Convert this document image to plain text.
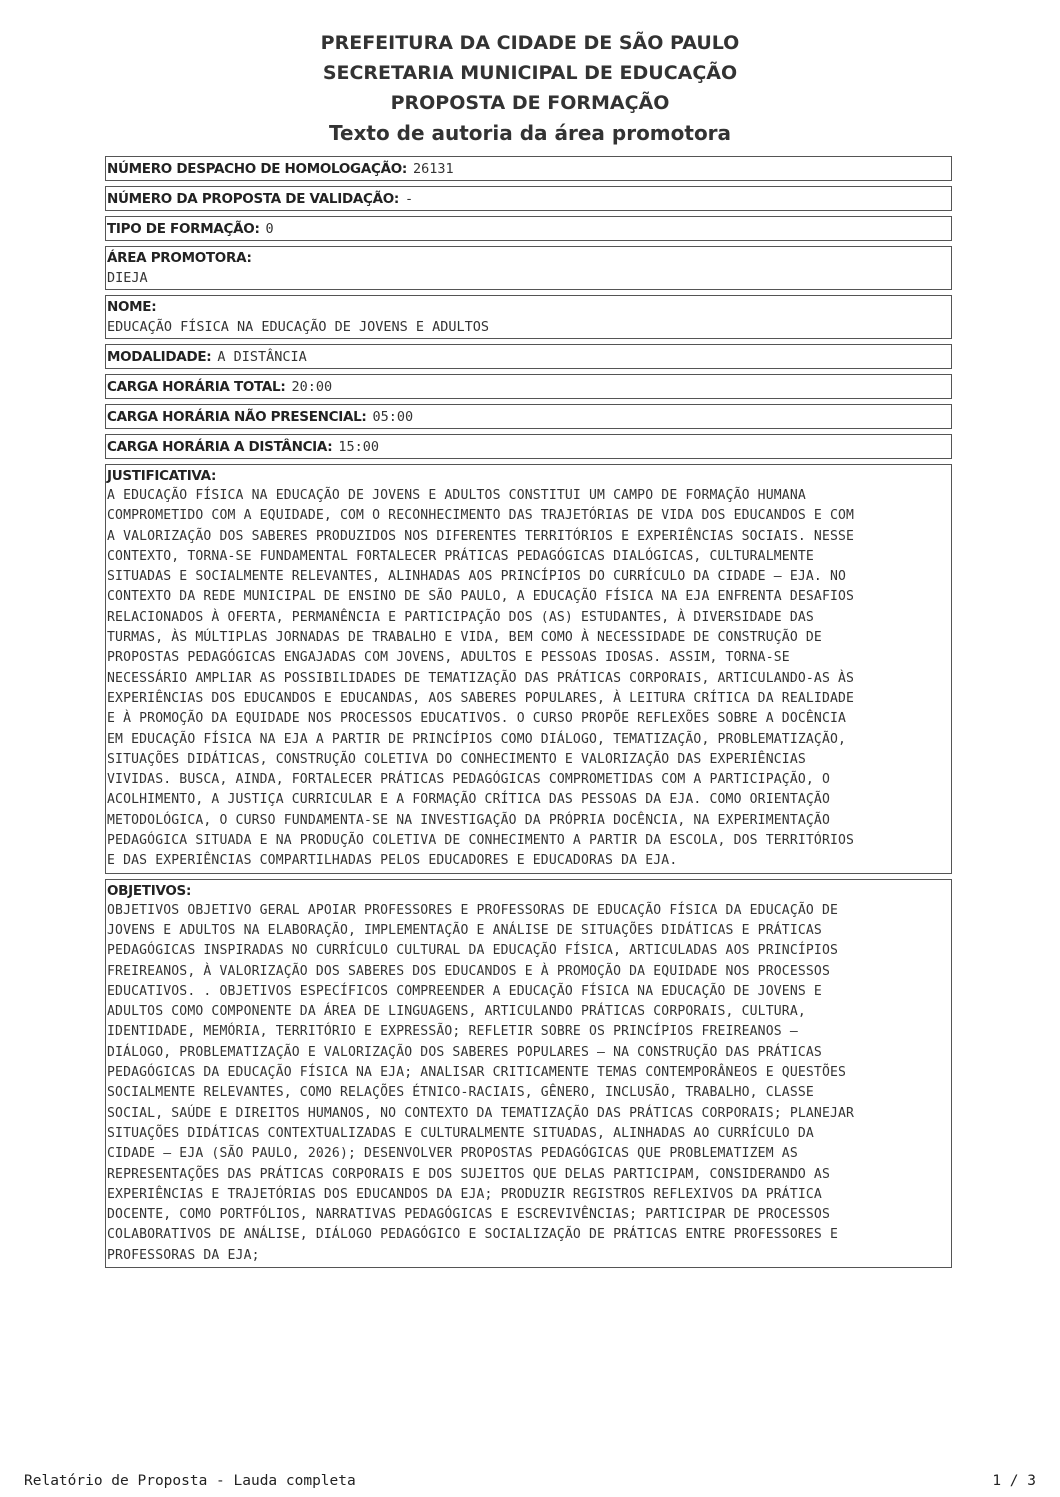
PREFEITURA DA CIDADE DE SÃO PAULO
SECRETARIA MUNICIPAL DE EDUCAÇÃO
PROPOSTA DE FORMAÇÃO
Texto de autoria da área promotora
NÚMERO DESPACHO DE HOMOLOGAÇÃO: 26131
NÚMERO DA PROPOSTA DE VALIDAÇÃO: -
TIPO DE FORMAÇÃO: 0
ÁREA PROMOTORA:
DIEJA
NOME:
EDUCAÇÃO FÍSICA NA EDUCAÇÃO DE JOVENS E ADULTOS
MODALIDADE: A DISTÂNCIA
CARGA HORÁRIA TOTAL: 20:00
CARGA HORÁRIA NÃO PRESENCIAL: 05:00
CARGA HORÁRIA A DISTÂNCIA: 15:00
JUSTIFICATIVA:
A EDUCAÇÃO FÍSICA NA EDUCAÇÃO DE JOVENS E ADULTOS CONSTITUI UM CAMPO DE FORMAÇÃO HUMANA
COMPROMETIDO COM A EQUIDADE, COM O RECONHECIMENTO DAS TRAJETÓRIAS DE VIDA DOS EDUCANDOS E COM
A VALORIZAÇÃO DOS SABERES PRODUZIDOS NOS DIFERENTES TERRITÓRIOS E EXPERIÊNCIAS SOCIAIS. NESSE
CONTEXTO, TORNA-SE FUNDAMENTAL FORTALECER PRÁTICAS PEDAGÓGICAS DIALÓGICAS, CULTURALMENTE
SITUADAS E SOCIALMENTE RELEVANTES, ALINHADAS AOS PRINCÍPIOS DO CURRÍCULO DA CIDADE — EJA. NO
CONTEXTO DA REDE MUNICIPAL DE ENSINO DE SÃO PAULO, A EDUCAÇÃO FÍSICA NA EJA ENFRENTA DESAFIOS
RELACIONADOS À OFERTA, PERMANÊNCIA E PARTICIPAÇÃO DOS (AS) ESTUDANTES, À DIVERSIDADE DAS
TURMAS, ÀS MÚLTIPLAS JORNADAS DE TRABALHO E VIDA, BEM COMO À NECESSIDADE DE CONSTRUÇÃO DE
PROPOSTAS PEDAGÓGICAS ENGAJADAS COM JOVENS, ADULTOS E PESSOAS IDOSAS. ASSIM, TORNA-SE
NECESSÁRIO AMPLIAR AS POSSIBILIDADES DE TEMATIZAÇÃO DAS PRÁTICAS CORPORAIS, ARTICULANDO-AS ÀS
EXPERIÊNCIAS DOS EDUCANDOS E EDUCANDAS, AOS SABERES POPULARES, À LEITURA CRÍTICA DA REALIDADE
E À PROMOÇÃO DA EQUIDADE NOS PROCESSOS EDUCATIVOS. O CURSO PROPÕE REFLEXÕES SOBRE A DOCÊNCIA
EM EDUCAÇÃO FÍSICA NA EJA A PARTIR DE PRINCÍPIOS COMO DIÁLOGO, TEMATIZAÇÃO, PROBLEMATIZAÇÃO,
SITUAÇÕES DIDÁTICAS, CONSTRUÇÃO COLETIVA DO CONHECIMENTO E VALORIZAÇÃO DAS EXPERIÊNCIAS
VIVIDAS. BUSCA, AINDA, FORTALECER PRÁTICAS PEDAGÓGICAS COMPROMETIDAS COM A PARTICIPAÇÃO, O
ACOLHIMENTO, A JUSTIÇA CURRICULAR E A FORMAÇÃO CRÍTICA DAS PESSOAS DA EJA. COMO ORIENTAÇÃO
METODOLÓGICA, O CURSO FUNDAMENTA-SE NA INVESTIGAÇÃO DA PRÓPRIA DOCÊNCIA, NA EXPERIMENTAÇÃO
PEDAGÓGICA SITUADA E NA PRODUÇÃO COLETIVA DE CONHECIMENTO A PARTIR DA ESCOLA, DOS TERRITÓRIOS
E DAS EXPERIÊNCIAS COMPARTILHADAS PELOS EDUCADORES E EDUCADORAS DA EJA.
OBJETIVOS:
OBJETIVOS OBJETIVO GERAL APOIAR PROFESSORES E PROFESSORAS DE EDUCAÇÃO FÍSICA DA EDUCAÇÃO DE
JOVENS E ADULTOS NA ELABORAÇÃO, IMPLEMENTAÇÃO E ANÁLISE DE SITUAÇÕES DIDÁTICAS E PRÁTICAS
PEDAGÓGICAS INSPIRADAS NO CURRÍCULO CULTURAL DA EDUCAÇÃO FÍSICA, ARTICULADAS AOS PRINCÍPIOS
FREIREANOS, À VALORIZAÇÃO DOS SABERES DOS EDUCANDOS E À PROMOÇÃO DA EQUIDADE NOS PROCESSOS
EDUCATIVOS. . OBJETIVOS ESPECÍFICOS COMPREENDER A EDUCAÇÃO FÍSICA NA EDUCAÇÃO DE JOVENS E
ADULTOS COMO COMPONENTE DA ÁREA DE LINGUAGENS, ARTICULANDO PRÁTICAS CORPORAIS, CULTURA,
IDENTIDADE, MEMÓRIA, TERRITÓRIO E EXPRESSÃO; REFLETIR SOBRE OS PRINCÍPIOS FREIREANOS —
DIÁLOGO, PROBLEMATIZAÇÃO E VALORIZAÇÃO DOS SABERES POPULARES — NA CONSTRUÇÃO DAS PRÁTICAS
PEDAGÓGICAS DA EDUCAÇÃO FÍSICA NA EJA; ANALISAR CRITICAMENTE TEMAS CONTEMPORÂNEOS E QUESTÕES
SOCIALMENTE RELEVANTES, COMO RELAÇÕES ÉTNICO-RACIAIS, GÊNERO, INCLUSÃO, TRABALHO, CLASSE
SOCIAL, SAÚDE E DIREITOS HUMANOS, NO CONTEXTO DA TEMATIZAÇÃO DAS PRÁTICAS CORPORAIS; PLANEJAR
SITUAÇÕES DIDÁTICAS CONTEXTUALIZADAS E CULTURALMENTE SITUADAS, ALINHADAS AO CURRÍCULO DA
CIDADE — EJA (SÃO PAULO, 2026); DESENVOLVER PROPOSTAS PEDAGÓGICAS QUE PROBLEMATIZEM AS
REPRESENTAÇÕES DAS PRÁTICAS CORPORAIS E DOS SUJEITOS QUE DELAS PARTICIPAM, CONSIDERANDO AS
EXPERIÊNCIAS E TRAJETÓRIAS DOS EDUCANDOS DA EJA; PRODUZIR REGISTROS REFLEXIVOS DA PRÁTICA
DOCENTE, COMO PORTFÓLIOS, NARRATIVAS PEDAGÓGICAS E ESCREVIVÊNCIAS; PARTICIPAR DE PROCESSOS
COLABORATIVOS DE ANÁLISE, DIÁLOGO PEDAGÓGICO E SOCIALIZAÇÃO DE PRÁTICAS ENTRE PROFESSORES E
PROFESSORAS DA EJA;
Relatório de Proposta - Lauda completa	1 / 3
